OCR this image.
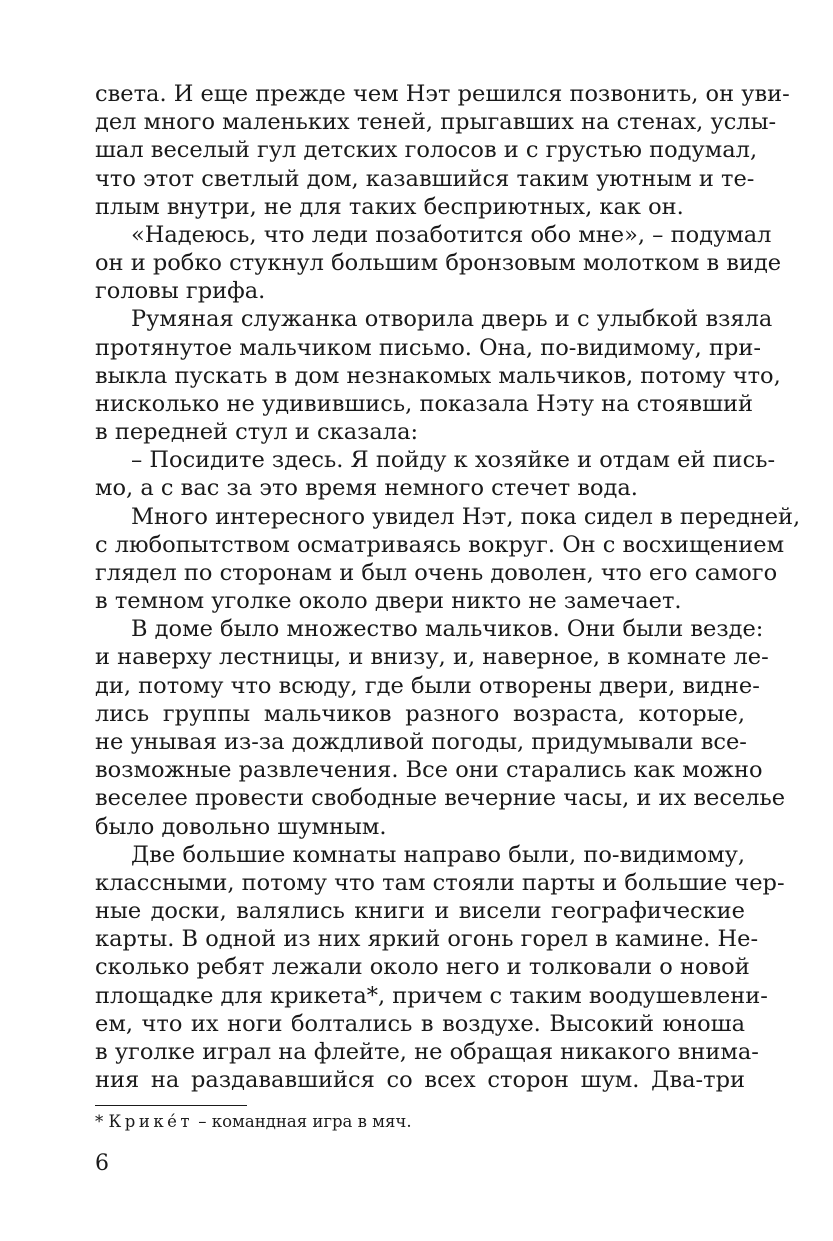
света. И еще прежде чем Нэт решился позвонить, он уви-

дел много маленьких теней, прыгавших на стенах, услы-

шал веселый гул детских голосов и с грустью подумал,

что этот светлый дом, казавшийся таким уютным и те-

плым внутри, не для таких бесприютных, как он.

«Надеюсь, что леди позаботится обо мне», – подумал

он и робко стукнул большим бронзовым молотком в виде

головы грифа.

Румяная служанка отворила дверь и с улыбкой взяла

протянутое мальчиком письмо. Она, по-видимому, при-

выкла пускать в дом незнакомых мальчиков, потому что,

нисколько не удивившись, показала Нэту на стоявший

в передней стул и сказала:

– Посидите здесь. Я пойду к хозяйке и отдам ей пись-

мо, а с вас за это время немного стечет вода.

Много интересного увидел Нэт, пока сидел в передней,

с любопытством осматриваясь вокруг. Он с восхищением

глядел по сторонам и был очень доволен, что его самого

в темном уголке около двери никто не замечает.

В доме было множество мальчиков. Они были везде:

и наверху лестницы, и внизу, и, наверное, в комнате ле-

ди, потому что всюду, где были отворены двери, видне-

лись группы мальчиков разного возраста, которые,

не унывая из-за дождливой погоды, придумывали все-

возможные развлечения. Все они старались как можно

веселее провести свободные вечерние часы, и их веселье

было довольно шумным.

Две большие комнаты направо были, по-видимому,

классными, потому что там стояли парты и большие чер-

ные доски, валялись книги и висели географические

карты. В одной из них яркий огонь горел в камине. Не-

сколько ребят лежали около него и толковали о новой

площадке для крикета*, причем с таким воодушевлени-

ем, что их ноги болтались в воздухе. Высокий юноша

в уголке играл на флейте, не обращая никакого внима-

ния на раздававшийся со всех сторон шум. Два-три

* Крике́т – командная игра в мяч.
6
